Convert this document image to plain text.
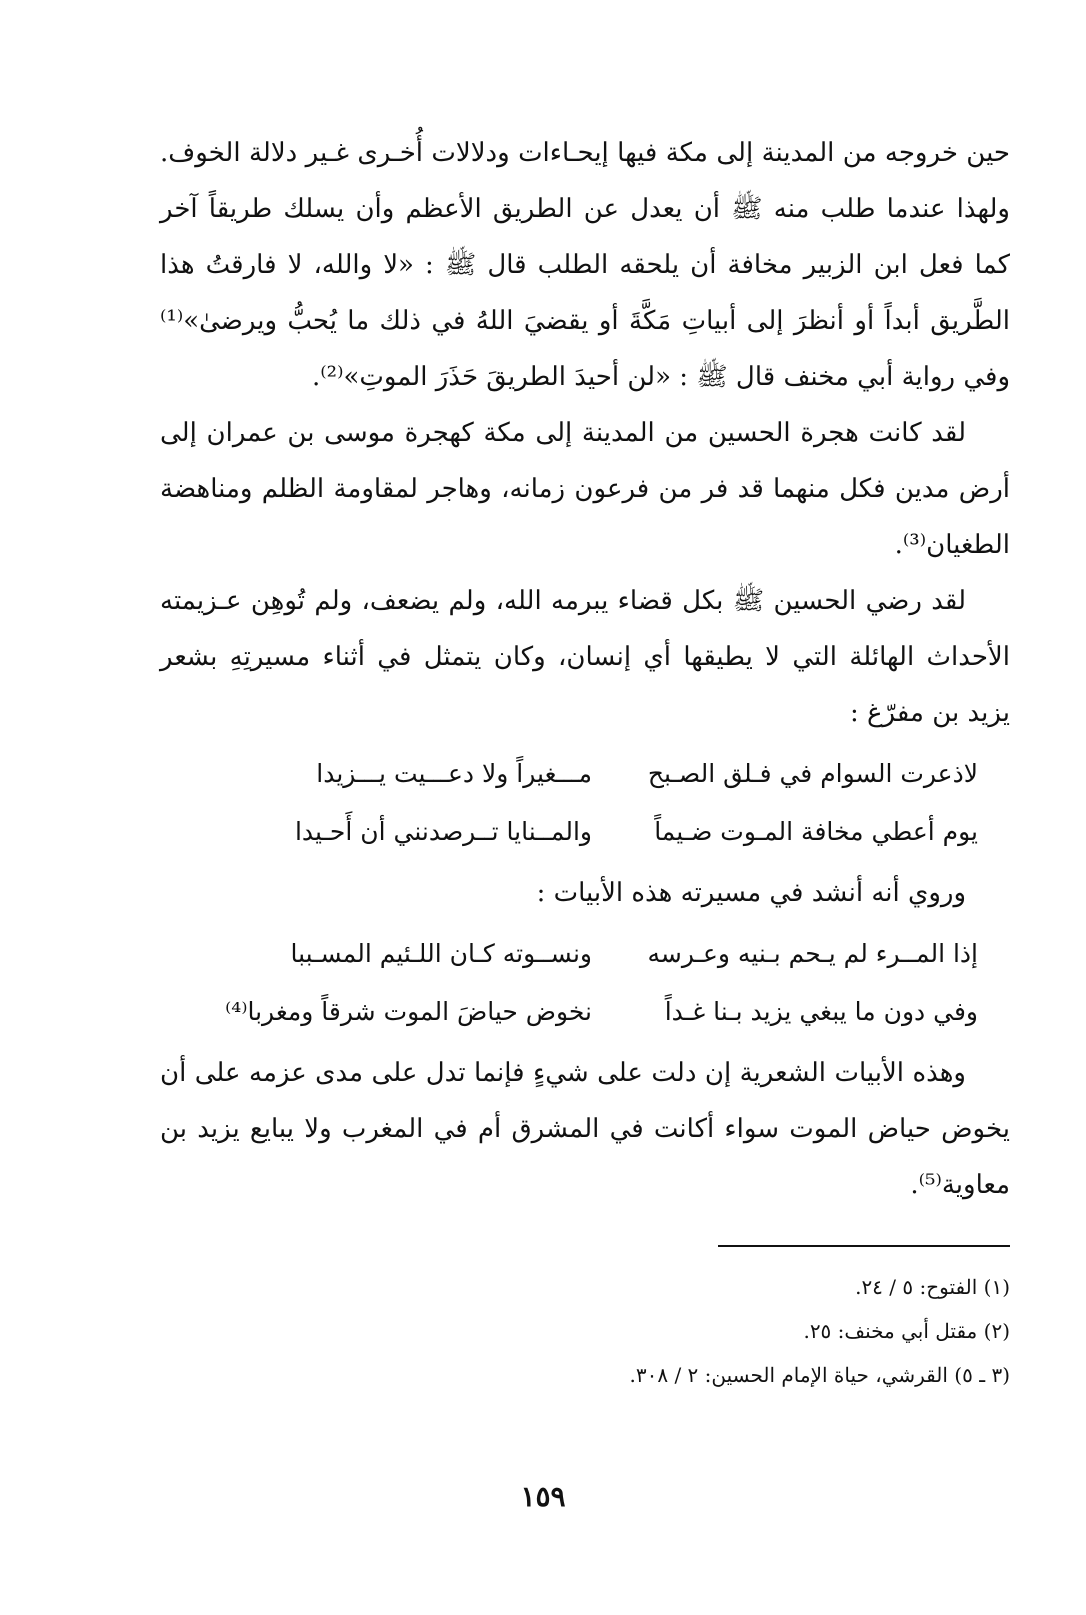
حين خروجه من المدينة إلى مكة فيها إيحـاءات ودلالات أُخـرى غـير دلالة الخوف. ولهذا عندما طلب منه ﷺ أن يعدل عن الطريق الأعظم وأن يسلك طريقاً آخر كما فعل ابن الزبير مخافة أن يلحقه الطلب قال ﷺ : «لا والله، لا فارقتُ هذا الطَّريق أبداً أو أنظرَ إلى أبياتِ مَكَّةَ أو يقضيَ اللهُ في ذلك ما يُحبُّ ويرضىٰ»⁽¹⁾ وفي رواية أبي مخنف قال ﷺ : «لن أحيدَ الطريقَ حَذَرَ الموتِ»⁽²⁾.

لقد كانت هجرة الحسين من المدينة إلى مكة كهجرة موسى بن عمران إلى أرض مدين فكل منهما قد فر من فرعون زمانه، وهاجر لمقاومة الظلم ومناهضة الطغيان⁽³⁾.

لقد رضي الحسين ﷺ بكل قضاء يبرمه الله، ولم يضعف، ولم تُوهِن عـزيمته الأحداث الهائلة التي لا يطيقها أي إنسان، وكان يتمثل في أثناء مسيرتِهِ بشعر يزيد بن مفرّغ :

لاذعرت السوام في فـلق الصـبح
مـــغيراً ولا دعـــيت يـــزيدا
يوم أعطي مخافة المـوت ضـيماً
والمــنايا تــرصدنني أن أَحـيدا
وروي أنه أنشد في مسيرته هذه الأبيات :
إذا المــرء لم يـحم بـنيه وعـرسه
ونســوته كـان اللـئيم المسـببا
وفي دون ما يبغي يزيد بـنا غـداً
نخوض حياضَ الموت شرقاً ومغربا⁽⁴⁾

وهذه الأبيات الشعرية إن دلت على شيءٍ فإنما تدل على مدى عزمه على أن يخوض حياض الموت سواء أكانت في المشرق أم في المغرب ولا يبايع يزيد بن معاوية⁽⁵⁾.

(١) الفتوح: ٥ / ٢٤.
(٢) مقتل أبي مخنف: ٢٥.
(٣ ـ ٥) القرشي، حياة الإمام الحسين: ٢ / ٣٠٨.
١٥٩
